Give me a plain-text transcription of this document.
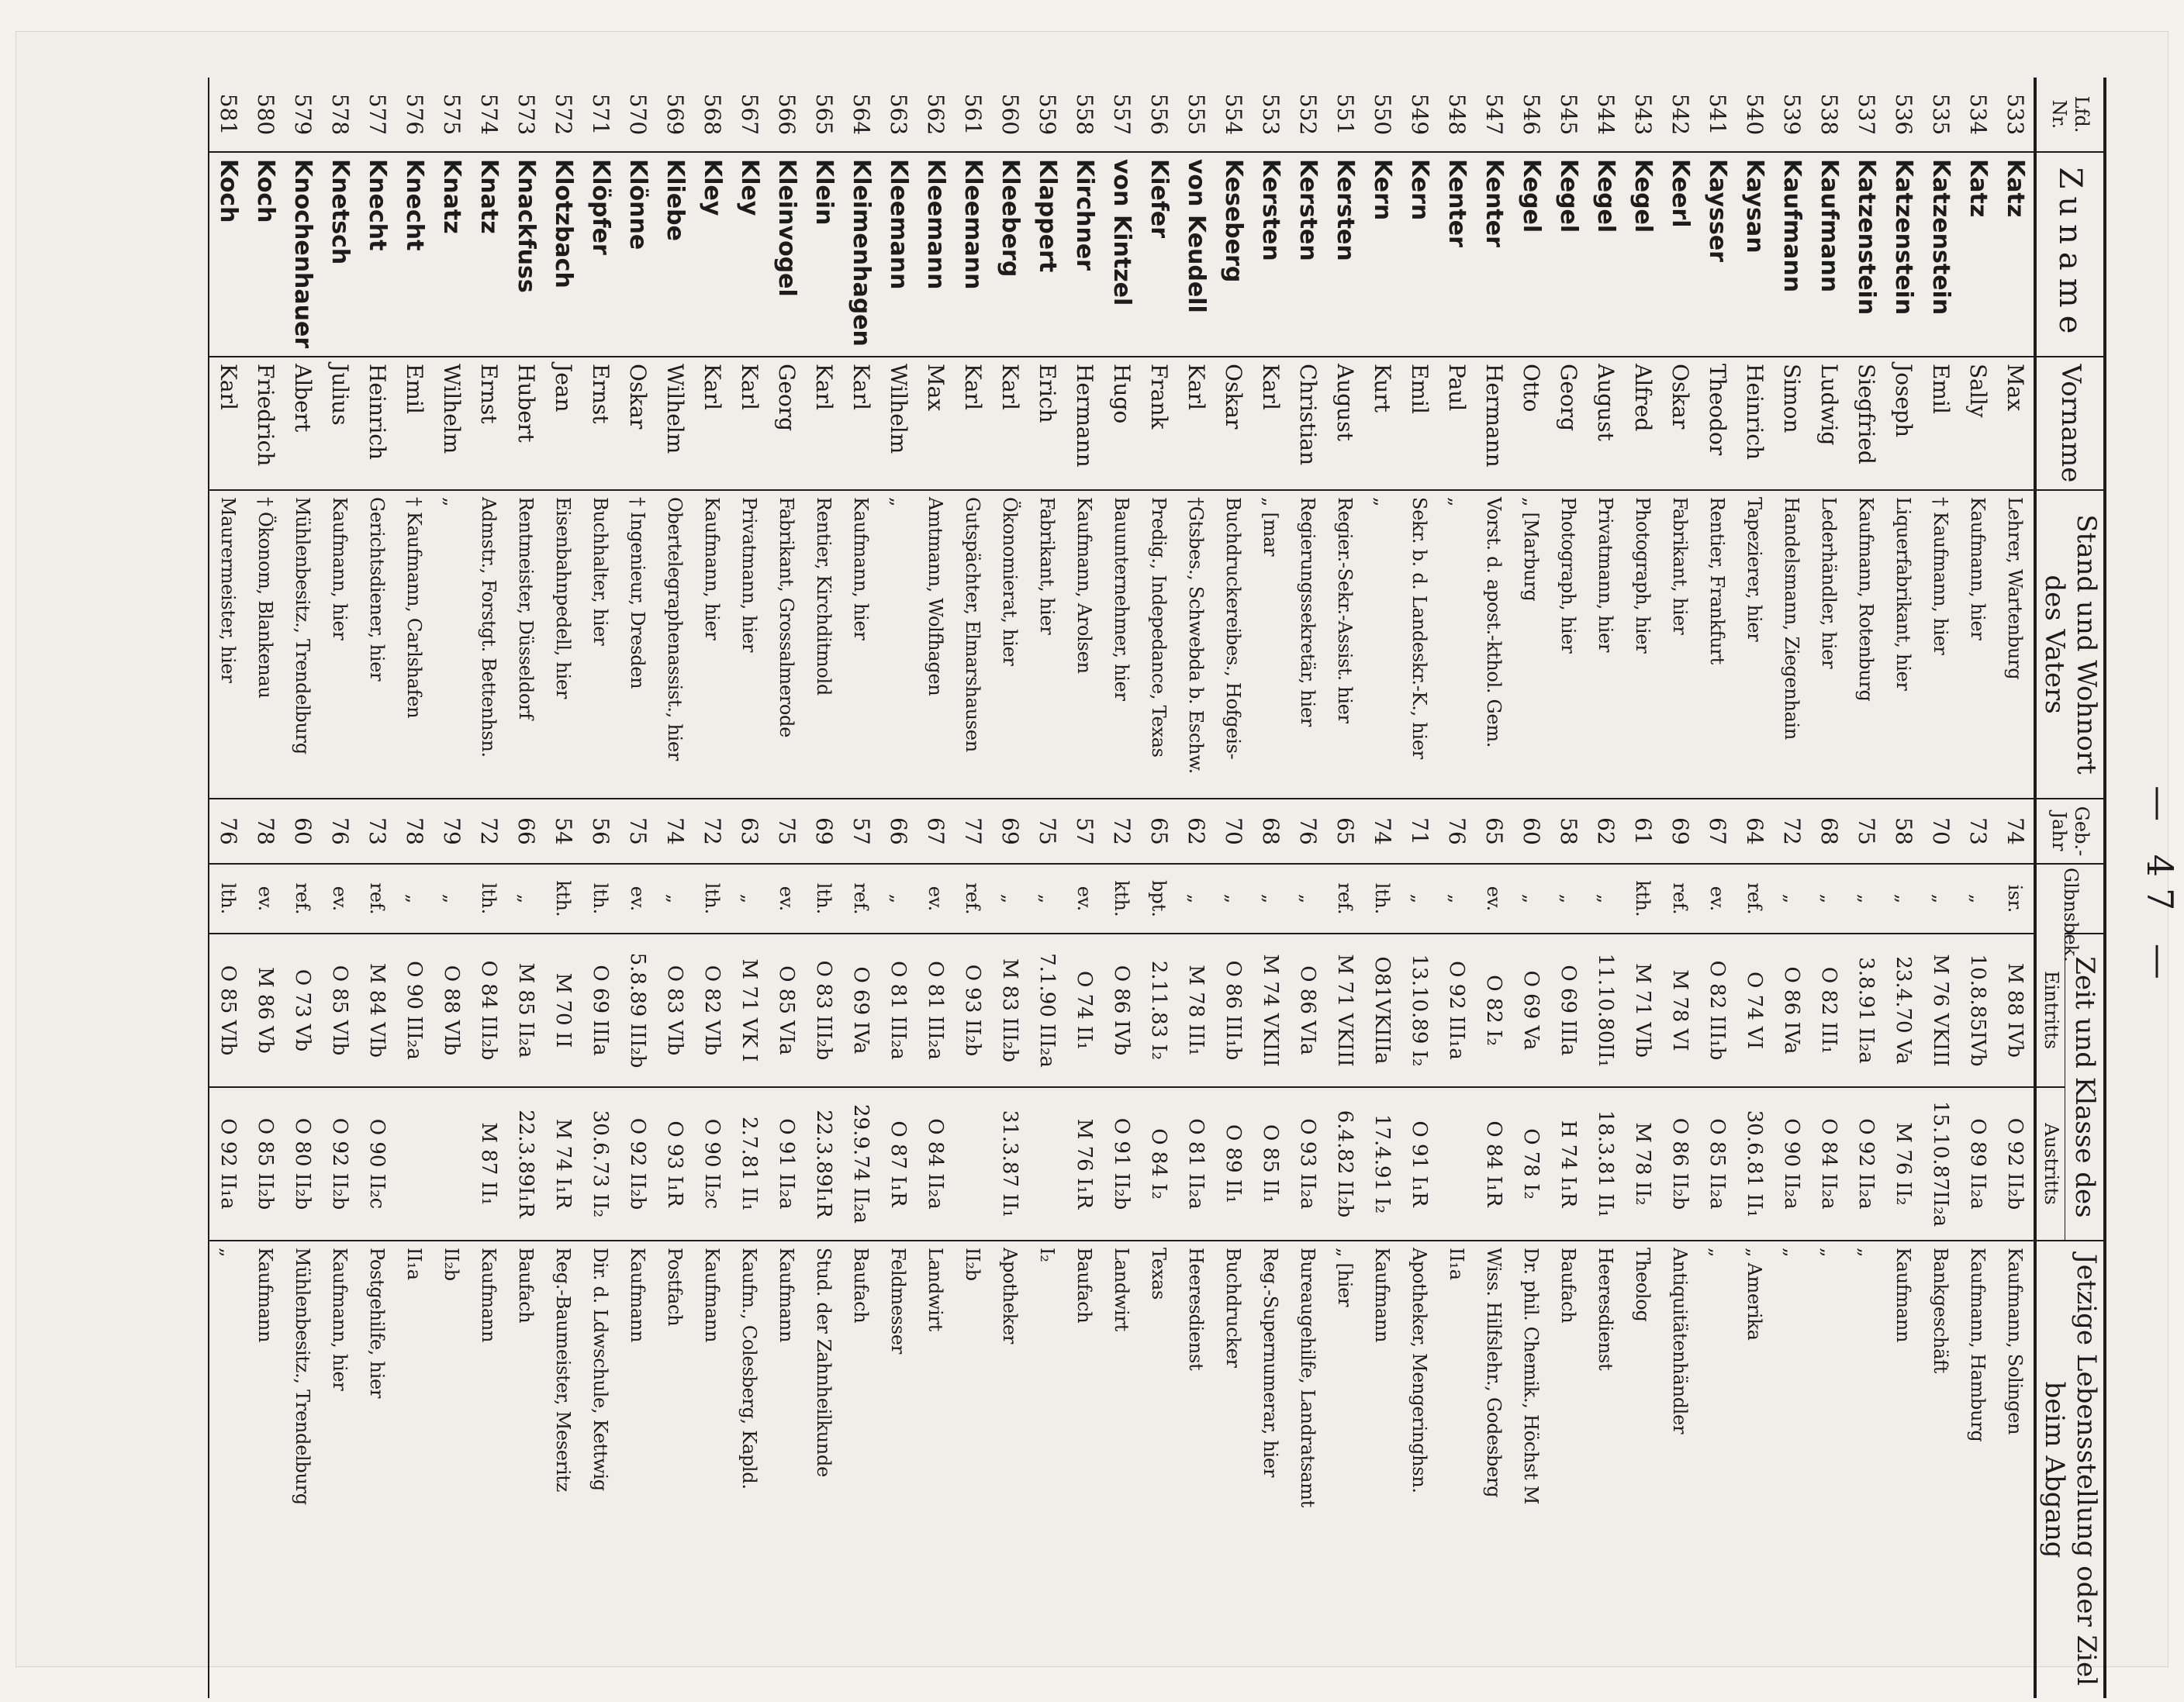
— 47 —
Lfd. Nr.	Zuname	Vorname	Stand und Wohnort des Vaters	Geb.-Jahr	Glbnsbek.	Zeit und Klasse des		Jetzige Lebensstellung oder Ziel beim Abgang
						Eintritts	Austritts	
533	Katz	Max	Lehrer, Wartenburg	74	isr.	M 88 IVb	O 92 II₂b	Kaufmann, Solingen
534	Katz	Sally	Kaufmann, hier	73	„	10.8.85IVb	O 89 II₂a	Kaufmann, Hamburg
535	Katzenstein	Emil	† Kaufmann, hier	70	„	M 76 VKIII	15.10.87II₂a	Bankgeschäft
536	Katzenstein	Joseph	Liquerfabrikant, hier	58	„	23.4.70 Va	M 76 II₂	Kaufmann
537	Katzenstein	Siegfried	Kaufmann, Rotenburg	75	„	3.8.91 II₂a	O 92 II₂a	„
538	Kaufmann	Ludwig	Lederhändler, hier	68	„	O 82 III₁	O 84 II₂a	„
539	Kaufmann	Simon	Handelsmann, Ziegenhain	72	„	O 86 IVa	O 90 II₂a	„
540	Kaysan	Heinrich	Tapezierer, hier	64	ref.	O 74 VI	30.6.81 II₁	„ Amerika
541	Kaysser	Theodor	Rentier, Frankfurt	67	ev.	O 82 III₁b	O 85 II₂a	„
542	Keerl	Oskar	Fabrikant, hier	69	ref.	M 78 VI	O 86 II₂b	Antiquitätenhändler
543	Kegel	Alfred	Photograph, hier	61	kth.	M 71 VIb	M 78 II₂	Theolog
544	Kegel	August	Privatmann, hier	62	„	11.10.80II₁	18.3.81 II₁	Heeresdienst
545	Kegel	Georg	Photograph, hier	58	„	O 69 IIIa	H 74 I₁R	Baufach
546	Kegel	Otto	„ [Marburg	60	„	O 69 Va	O 78 I₂	Dr. phil. Chemik., Höchst M
547	Kenter	Hermann	Vorst. d. apost.-kthol. Gem.	65	ev.	O 82 I₂	O 84 I₁R	Wiss. Hilfslehr., Godesberg
548	Kenter	Paul	„	76	„	O 92 III₁a		II₁a
549	Kern	Emil	Sekr. b. d. Landeskr.-K., hier	71	„	13.10.89 I₂	O 91 I₁R	Apotheker, Mengeringhsn.
550	Kern	Kurt	„	74	lth.	O81VKIIIa	17.4.91 I₂	Kaufmann
551	Kersten	August	Regier.-Sekr.-Assist. hier	65	ref.	M 71 VKIII	6.4.82 II₂b	„ [hier
552	Kersten	Christian	Regierungssekretär, hier	76	„	O 86 VIa	O 93 II₂a	Bureaugehilfe, Landratsamt
553	Kersten	Karl	„ [mar	68	„	M 74 VKIII	O 85 II₁	Reg.-Supernumerar, hier
554	Keseberg	Oskar	Buchdruckereibes., Hofgeis-	70	„	O 86 III₁b	O 89 II₁	Buchdrucker
555	von Keudell	Karl	†Gtsbes., Schwebda b. Eschw.	62	„	M 78 III₁	O 81 II₂a	Heeresdienst
556	Kiefer	Frank	Predig., Indepedance, Texas	65	bpt.	2.11.83 I₂	O 84 I₂	Texas
557	von Kintzel	Hugo	Bauunternehmer, hier	72	kth.	O 86 IVb	O 91 II₂b	Landwirt
558	Kirchner	Hermann	Kaufmann, Arolsen	57	ev.	O 74 II₁	M 76 I₁R	Baufach
559	Klappert	Erich	Fabrikant, hier	75	„	7.1.90 III₂a		I₂
560	Kleeberg	Karl	Ökonomierat, hier	69	„	M 83 III₂b	31.3.87 II₁	Apotheker
561	Kleemann	Karl	Gutspächter, Elmarshausen	77	ref.	O 93 II₂b		II₂b
562	Kleemann	Max	Amtmann, Wolfhagen	67	ev.	O 81 III₂a	O 84 II₂a	Landwirt
563	Kleemann	Wilhelm	„	66	„	O 81 III₂a	O 87 I₁R	Feldmesser
564	Kleimenhagen	Karl	Kaufmann, hier	57	ref.	O 69 IVa	29.9.74 II₂a	Baufach
565	Klein	Karl	Rentier, Kirchditmold	69	lth.	O 83 III₂b	22.3.89I₁R	Stud. der Zahnheilkunde
566	Kleinvogel	Georg	Fabrikant, Grossalmerode	75	ev.	O 85 VIa	O 91 II₂a	Kaufmann
567	Kley	Karl	Privatmann, hier	63	„	M 71 VK I	2.7.81 II₁	Kaufm., Colesberg, Kapld.
568	Kley	Karl	Kaufmann, hier	72	lth.	O 82 VIb	O 90 II₂c	Kaufmann
569	Kliebe	Wilhelm	Obertelegraphenassist., hier	74	„	O 83 VIb	O 93 I₁R	Postfach
570	Klönne	Oskar	† Ingenieur, Dresden	75	ev.	5.8.89 III₂b	O 92 II₂b	Kaufmann
571	Klöpfer	Ernst	Buchhalter, hier	56	lth.	O 69 IIIa	30.6.73 II₂	Dir. d. Ldwschule, Kettwig
572	Klotzbach	Jean	Eisenbahnpedell, hier	54	kth.	M 70 II	M 74 I₁R	Reg.-Baumeister, Meseritz
573	Knackfuss	Hubert	Rentmeister, Düsseldorf	66	„	M 85 II₂a	22.3.89I₁R	Baufach
574	Knatz	Ernst	Admstr., Forstgt. Bettenhsn.	72	lth.	O 84 III₂b	M 87 II₁	Kaufmann
575	Knatz	Wilhelm	„	79	„	O 88 VIb		II₂b
576	Knecht	Emil	† Kaufmann, Carlshafen	78	„	O 90 III₂a		II₁a
577	Knecht	Heinrich	Gerichtsdiener, hier	73	ref.	M 84 VIb	O 90 II₂c	Postgehilfe, hier
578	Knetsch	Julius	Kaufmann, hier	76	ev.	O 85 VIb	O 92 II₂b	Kaufmann, hier
579	Knochenhauer	Albert	Mühlenbesitz., Trendelburg	60	ref.	O 73 Vb	O 80 II₂b	Mühlenbesitz., Trendelburg
580	Koch	Friedrich	† Ökonom, Blankenau	78	ev.	M 86 Vb	O 85 II₂b	Kaufmann
581	Koch	Karl	Maurermeister, hier	76	lth.	O 85 VIb	O 92 II₁a	„
